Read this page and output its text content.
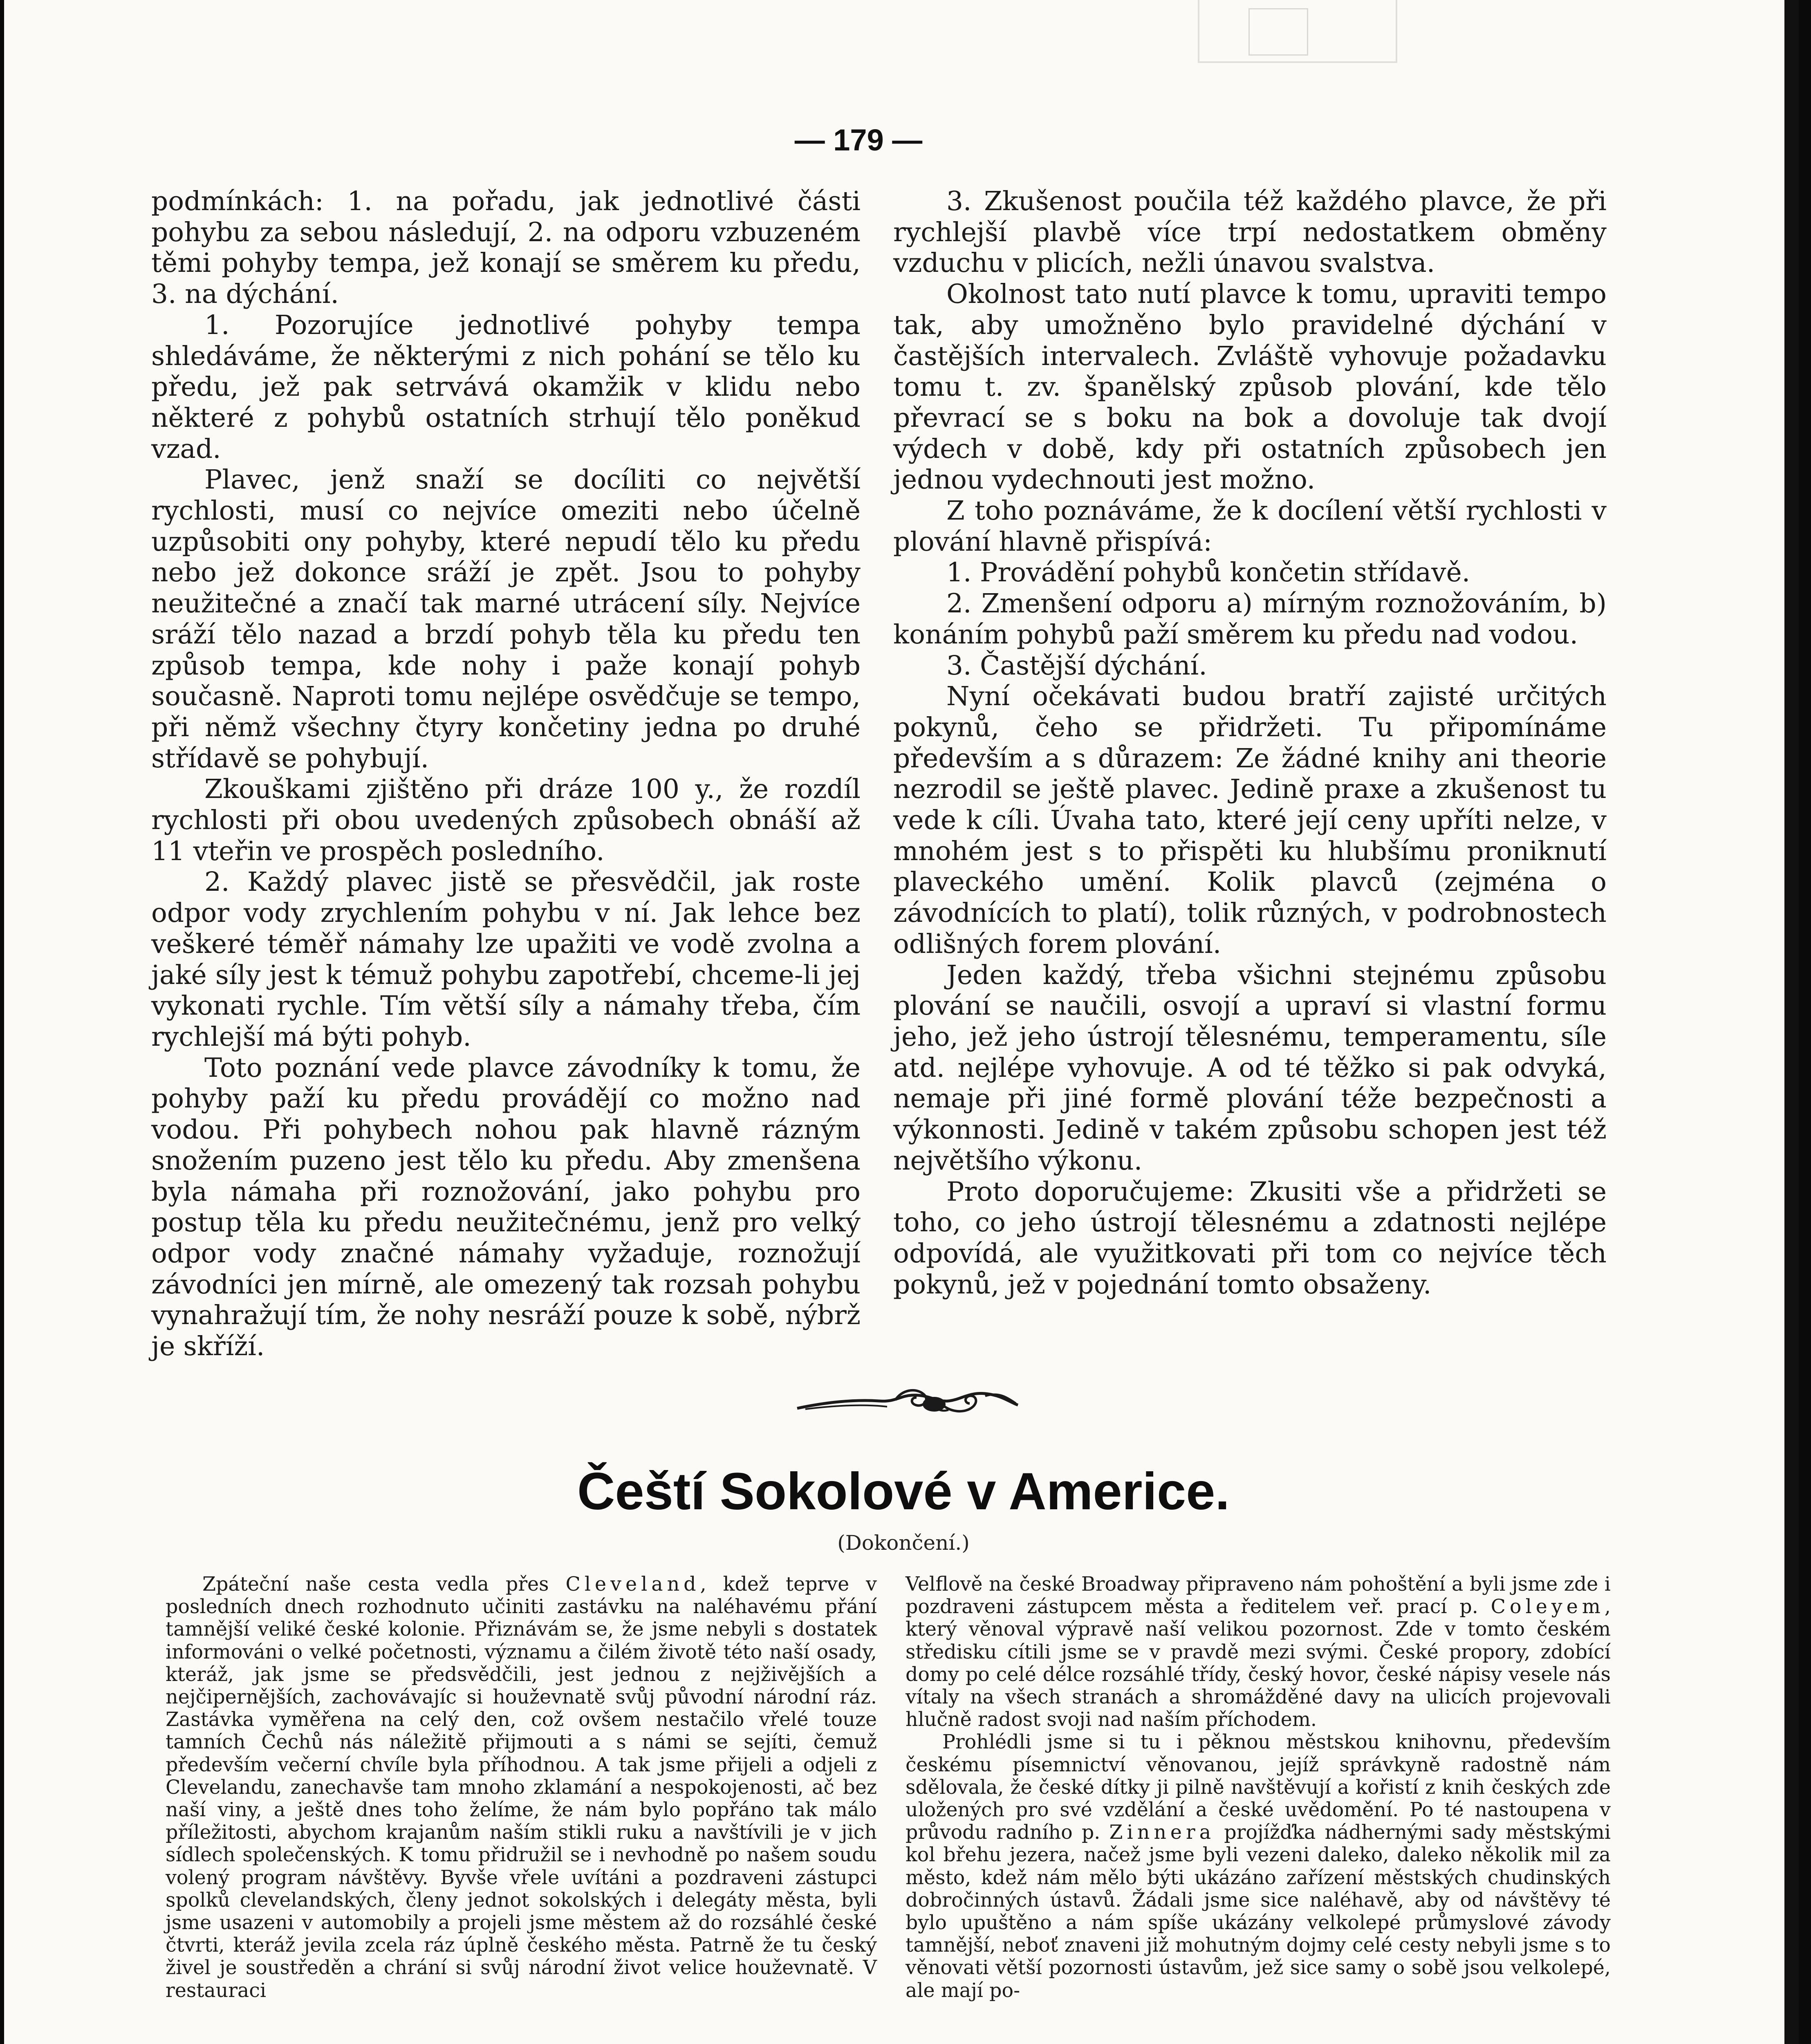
— 179 —

podmínkách: 1. na pořadu, jak jednotlivé části pohybu za sebou následují, 2. na odporu vzbuzeném těmi pohyby tempa, jež konají se směrem ku předu, 3. na dýchání.

1. Pozorujíce jednotlivé pohyby tempa shledáváme, že některými z nich pohání se tělo ku předu, jež pak setrvává okamžik v klidu nebo některé z pohybů ostatních strhují tělo poněkud vzad.

Plavec, jenž snaží se docíliti co největší rychlosti, musí co nejvíce omeziti nebo účelně uzpůsobiti ony pohyby, které nepudí tělo ku předu nebo jež dokonce sráží je zpět. Jsou to pohyby neužitečné a značí tak marné utrácení síly. Nejvíce sráží tělo nazad a brzdí pohyb těla ku předu ten způsob tempa, kde nohy i paže konají pohyb současně. Naproti tomu nejlépe osvědčuje se tempo, při němž všechny čtyry končetiny jedna po druhé střídavě se pohybují.

Zkouškami zjištěno při dráze 100 y., že rozdíl rychlosti při obou uvedených způsobech obnáší až 11 vteřin ve prospěch posledního.

2. Každý plavec jistě se přesvědčil, jak roste odpor vody zrychlením pohybu v ní. Jak lehce bez veškeré téměř námahy lze upažiti ve vodě zvolna a jaké síly jest k témuž pohybu zapotřebí, chceme-li jej vykonati rychle. Tím větší síly a námahy třeba, čím rychlejší má býti pohyb.

Toto poznání vede plavce závodníky k tomu, že pohyby paží ku předu provádějí co možno nad vodou. Při pohybech nohou pak hlavně rázným snožením puzeno jest tělo ku předu. Aby zmenšena byla námaha při roznožování, jako pohybu pro postup těla ku předu neužitečnému, jenž pro velký odpor vody značné námahy vyžaduje, roznožují závodníci jen mírně, ale omezený tak rozsah pohybu vynahražují tím, že nohy nesráží pouze k sobě, nýbrž je skříží.

3. Zkušenost poučila též každého plavce, že při rychlejší plavbě více trpí nedostatkem obměny vzduchu v plicích, nežli únavou svalstva.

Okolnost tato nutí plavce k tomu, upraviti tempo tak, aby umožněno bylo pravidelné dýchání v častějších intervalech. Zvláště vyhovuje požadavku tomu t. zv. španělský způsob plování, kde tělo převrací se s boku na bok a dovoluje tak dvojí výdech v době, kdy při ostatních způsobech jen jednou vydechnouti jest možno.

Z toho poznáváme, že k docílení větší rychlosti v plování hlavně přispívá:

1. Provádění pohybů končetin střídavě.

2. Zmenšení odporu a) mírným roznožováním, b) konáním pohybů paží směrem ku předu nad vodou.

3. Častější dýchání.

Nyní očekávati budou bratří zajisté určitých pokynů, čeho se přidržeti. Tu připomínáme především a s důrazem: Ze žádné knihy ani theorie nezrodil se ještě plavec. Jedině praxe a zkušenost tu vede k cíli. Úvaha tato, které její ceny upříti nelze, v mnohém jest s to přispěti ku hlubšímu proniknutí plaveckého umění. Kolik plavců (zejména o závodnících to platí), tolik různých, v podrobnostech odlišných forem plování.

Jeden každý, třeba všichni stejnému způsobu plování se naučili, osvojí a upraví si vlastní formu jeho, jež jeho ústrojí tělesnému, temperamentu, síle atd. nejlépe vyhovuje. A od té těžko si pak odvyká, nemaje při jiné formě plování téže bezpečnosti a výkonnosti. Jedině v takém způsobu schopen jest též největšího výkonu.

Proto doporučujeme: Zkusiti vše a přidržeti se toho, co jeho ústrojí tělesnému a zdatnosti nejlépe odpovídá, ale využitkovati při tom co nejvíce těch pokynů, jež v pojednání tomto obsaženy.

Čeští Sokolové v Americe.
(Dokončení.)

Zpáteční naše cesta vedla přes Cleveland, kdež teprve v posledních dnech rozhodnuto učiniti zastávku na naléhavému přání tamnější veliké české kolonie. Přiznávám se, že jsme nebyli s dostatek informováni o velké početnosti, významu a čilém životě této naší osady, kteráž, jak jsme se předsvědčili, jest jednou z nejživějších a nejčipernějších, zachovávajíc si houževnatě svůj původní národní ráz. Zastávka vyměřena na celý den, což ovšem nestačilo vřelé touze tamních Čechů nás náležitě přijmouti a s námi se sejíti, čemuž především večerní chvíle byla příhodnou. A tak jsme přijeli a odjeli z Clevelandu, zanechavše tam mnoho zklamání a nespokojenosti, ač bez naší viny, a ještě dnes toho želíme, že nám bylo popřáno tak málo příležitosti, abychom krajanům naším stikli ruku a navštívili je v jich sídlech společenských. K tomu přidružil se i nevhodně po našem soudu volený program návštěvy. Byvše vřele uvítáni a pozdraveni zástupci spolků clevelandských, členy jednot sokolských i delegáty města, byli jsme usazeni v automobily a projeli jsme městem až do rozsáhlé české čtvrti, kteráž jevila zcela ráz úplně českého města. Patrně že tu český živel je soustředěn a chrání si svůj národní život velice houževnatě. V restauraci

Velflově na české Broadway připraveno nám pohoštění a byli jsme zde i pozdraveni zástupcem města a ředitelem veř. prací p. Coleyem, který věnoval výpravě naší velikou pozornost. Zde v tomto českém středisku cítili jsme se v pravdě mezi svými. České propory, zdobící domy po celé délce rozsáhlé třídy, český hovor, české nápisy vesele nás vítaly na všech stranách a shromážděné davy na ulicích projevovali hlučně radost svoji nad naším příchodem.

Prohlédli jsme si tu i pěknou městskou knihovnu, především českému písemnictví věnovanou, jejíž správkyně radostně nám sdělovala, že české dítky ji pilně navštěvují a kořistí z knih českých zde uložených pro své vzdělání a české uvědomění. Po té nastoupena v průvodu radního p. Zinnera projížďka nádhernými sady městskými kol břehu jezera, načež jsme byli vezeni daleko, daleko několik mil za město, kdež nám mělo býti ukázáno zařízení městských chudinských dobročinných ústavů. Žádali jsme sice naléhavě, aby od návštěvy té bylo upuštěno a nám spíše ukázány velkolepé průmyslové závody tamnější, neboť znaveni již mohutným dojmy celé cesty nebyli jsme s to věnovati větší pozornosti ústavům, jež sice samy o sobě jsou velkolepé, ale mají po-
